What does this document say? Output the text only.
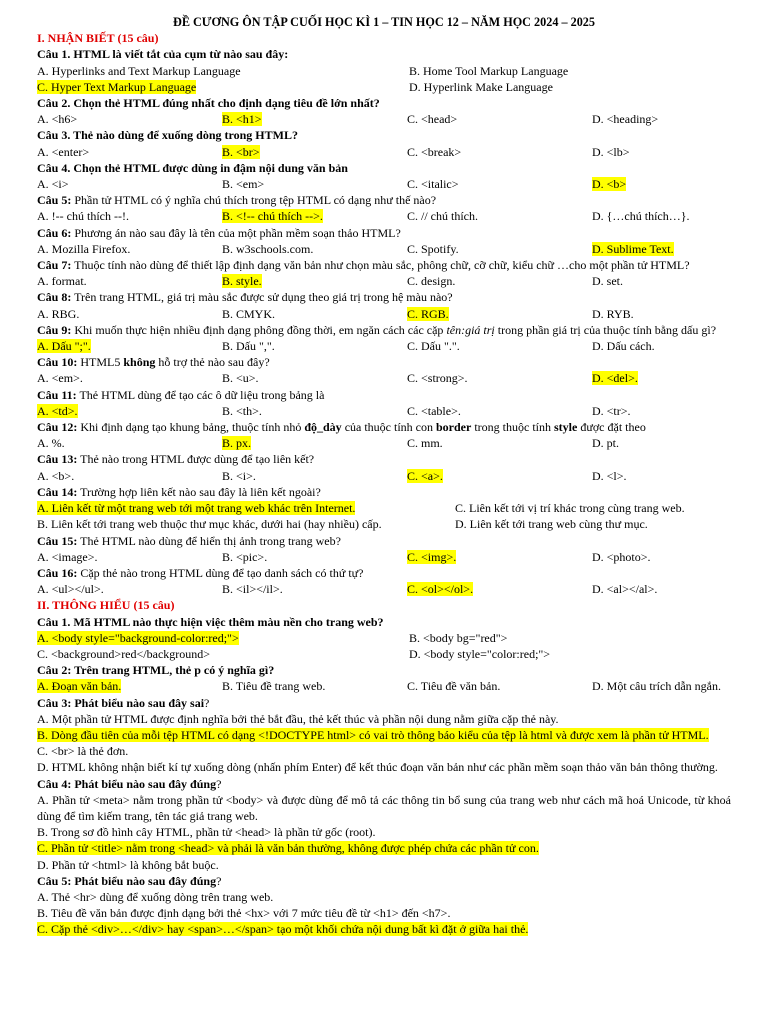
ĐỀ CƯƠNG ÔN TẬP CUỐI HỌC KÌ 1 – TIN HỌC 12 – NĂM HỌC 2024 – 2025
I. NHẬN BIẾT (15 câu)
Câu 1. HTML là viết tắt của cụm từ nào sau đây:
A. Hyperlinks and Text Markup Language	B. Home Tool Markup Language
C. Hyper Text Markup Language	D. Hyperlink Make Language
Câu 2. Chọn thẻ HTML đúng nhất cho định dạng tiêu đề lớn nhất?
A. <h6>	B. <h1>	C. <head>	D. <heading>
Câu 3. Thẻ nào dùng để xuống dòng trong HTML?
A. <enter>	B. <br>	C. <break>	D. <lb>
Câu 4. Chọn thẻ HTML được dùng in đậm nội dung văn bản
A. <i>	B. <em>	C. <italic>	D. <b>
Câu 5: Phần tử HTML có ý nghĩa chú thích trong tệp HTML có dạng như thế nào?
A. !-- chú thích --!.	B. <!-- chú thích -->.	C. // chú thích.	D. {…chú thích…}.
Câu 6: Phương án nào sau đây là tên của một phần mềm soạn thảo HTML?
A. Mozilla Firefox.	B. w3schools.com.	C. Spotify.	D. Sublime Text.
Câu 7: Thuộc tính nào dùng để thiết lập định dạng văn bản như chọn màu sắc, phông chữ, cỡ chữ, kiểu chữ …cho một phần tử HTML?
A. format.	B. style.	C. design.	D. set.
Câu 8: Trên trang HTML, giá trị màu sắc được sử dụng theo giá trị trong hệ màu nào?
A. RBG.	B. CMYK.	C. RGB.	D. RYB.
Câu 9: Khi muốn thực hiện nhiều định dạng phông đồng thời, em ngăn cách các cặp tên:giá trị trong phần giá trị của thuộc tính bằng dấu gì?
A. Dấu ";".	B. Dấu ",".	C. Dấu ".".	D. Dấu cách.
Câu 10: HTML5 không hỗ trợ thẻ nào sau đây?
A. <em>.	B. <u>.	C. <strong>.	D. <del>.
Câu 11: Thẻ HTML dùng để tạo các ô dữ liệu trong bảng là
A. <td>.	B. <th>.	C. <table>.	D. <tr>.
Câu 12: Khi định dạng tạo khung bảng, thuộc tính nhỏ độ_dày của thuộc tính con border trong thuộc tính style được đặt theo
A. %.	B. px.	C. mm.	D. pt.
Câu 13: Thẻ nào trong HTML được dùng để tạo liên kết?
A. <b>.	B. <i>.	C. <a>.	D. <l>.
Câu 14: Trường hợp liên kết nào sau đây là liên kết ngoài?
A. Liên kết từ một trang web tới một trang web khác trên Internet.	C. Liên kết tới vị trí khác trong cùng trang web.
B. Liên kết tới trang web thuộc thư mục khác, dưới hai (hay nhiều) cấp.	D. Liên kết tới trang web cùng thư mục.
Câu 15: Thẻ HTML nào dùng để hiển thị ảnh trong trang web?
A. <image>.	B. <pic>.	C. <img>.	D. <photo>.
Câu 16: Cặp thẻ nào trong HTML dùng để tạo danh sách có thứ tự?
A. <ul></ul>.	B. <il></il>.	C. <ol></ol>.	D. <al></al>.
II. THÔNG HIỂU (15 câu)
Câu 1. Mã HTML nào thực hiện việc thêm màu nền cho trang web?
A. <body style="background-color:red;">	B. <body bg="red">
C. <background>red</background>	D. <body style="color:red;">
Câu 2: Trên trang HTML, thẻ p có ý nghĩa gì?
A. Đoạn văn bản.	B. Tiêu đề trang web.	C. Tiêu đề văn bản.	D. Một câu trích dẫn ngắn.
Câu 3: Phát biểu nào sau đây sai?
A. Một phần tử HTML được định nghĩa bởi thẻ bắt đầu, thẻ kết thúc và phần nội dung nằm giữa cặp thẻ này.
B. Dòng đầu tiên của mỗi tệp HTML có dạng <!DOCTYPE html> có vai trò thông báo kiểu của tệp là html và được xem là phần tử HTML.
C. <br> là thẻ đơn.
D. HTML không nhận biết kí tự xuống dòng (nhấn phím Enter) để kết thúc đoạn văn bản như các phần mềm soạn thảo văn bản thông thường.
Câu 4: Phát biểu nào sau đây đúng?
A. Phần tử <meta> nằm trong phần tử <body> và được dùng để mô tả các thông tin bổ sung của trang web như cách mã hoá Unicode, từ khoá dùng để tìm kiếm trang, tên tác giả trang web.
B. Trong sơ đồ hình cây HTML, phần tử <head> là phần tử gốc (root).
C. Phần tử <title> nằm trong <head> và phải là văn bản thường, không được phép chứa các phần tử con.
D. Phần tử <html> là không bắt buộc.
Câu 5: Phát biểu nào sau đây đúng?
A. Thẻ <hr> dùng để xuống dòng trên trang web.
B. Tiêu đề văn bản được định dạng bởi thẻ <hx> với 7 mức tiêu đề từ <h1> đến <h7>.
C. Cặp thẻ <div>…</div> hay <span>…</span> tạo một khối chứa nội dung bất kì đặt ở giữa hai thẻ.
